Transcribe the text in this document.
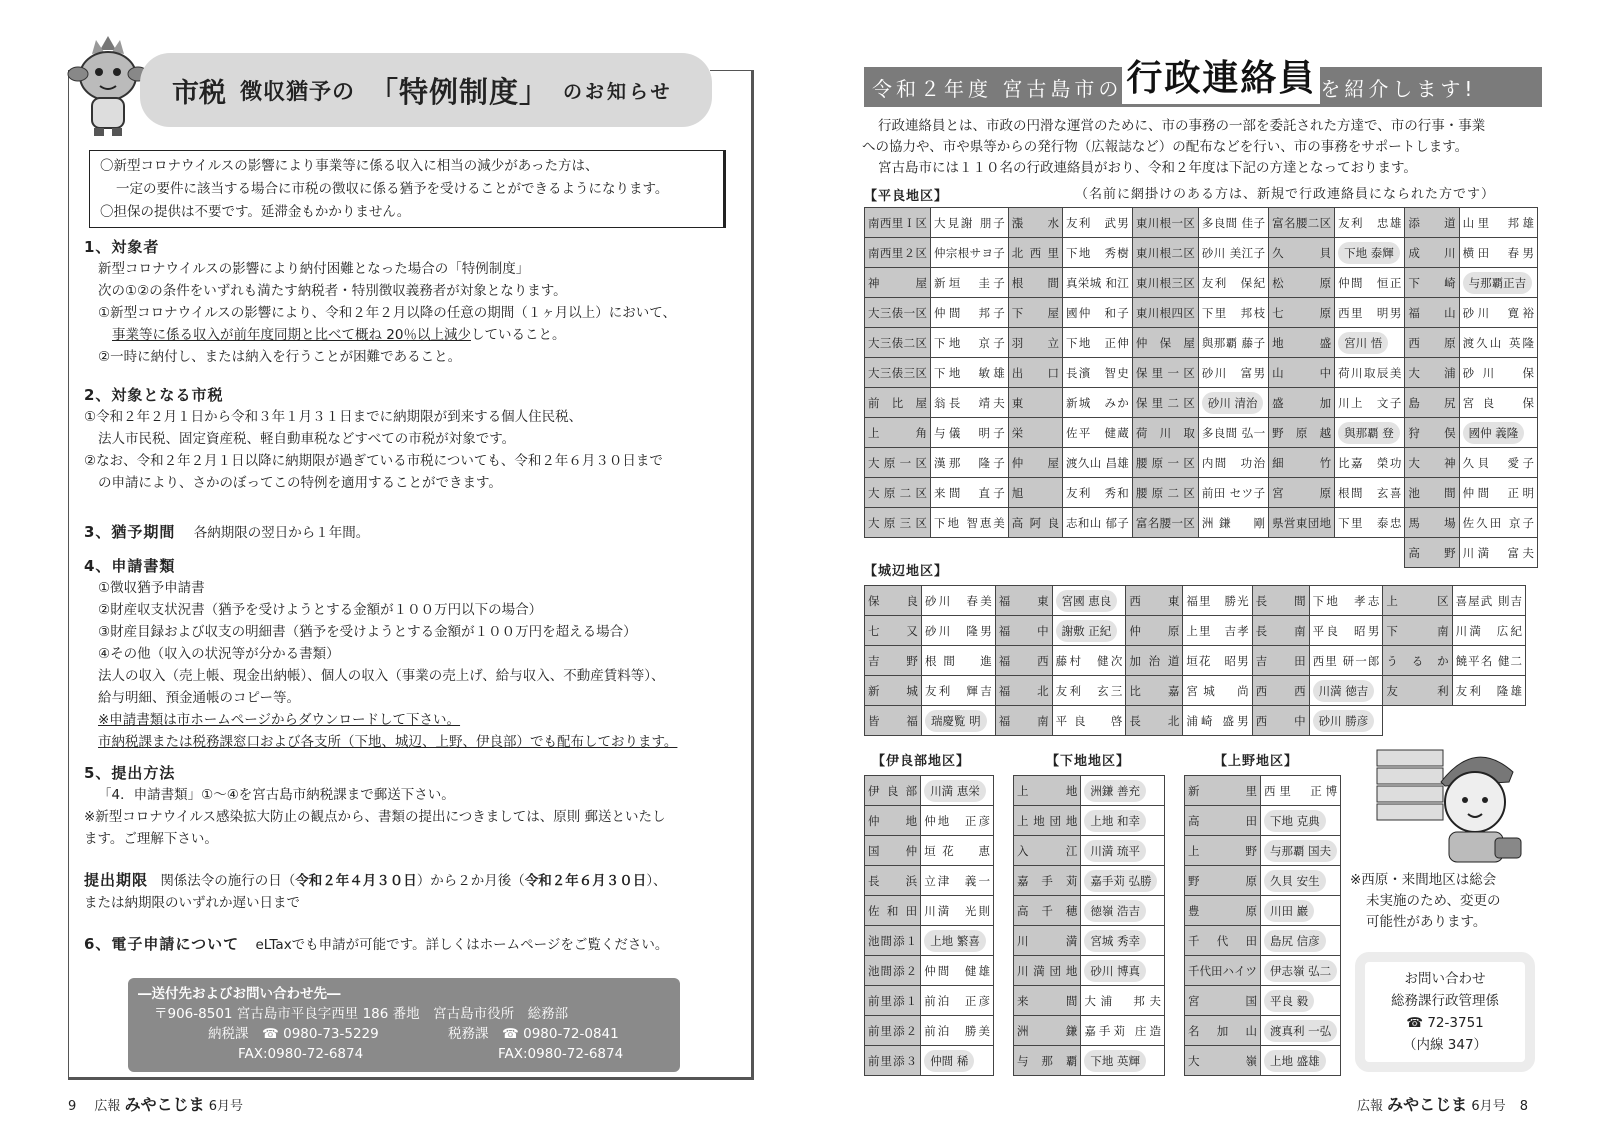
市税 徴収猶予の 「特例制度」 のお知らせ
〇新型コロナウイルスの影響により事業等に係る収入に相当の減少があった方は、
一定の要件に該当する場合に市税の徴収に係る猶予を受けることができるようになります。
〇担保の提供は不要です。延滞金もかかりません。
1、対象者
新型コロナウイルスの影響により納付困難となった場合の「特例制度」
次の①②の条件をいずれも満たす納税者・特別徴収義務者が対象となります。
①新型コロナウイルスの影響により、令和２年２月以降の任意の期間（１ヶ月以上）において、
事業等に係る収入が前年度同期と比べて概ね 20％以上減少していること。
②一時に納付し、または納入を行うことが困難であること。
2、対象となる市税
①令和２年２月１日から令和３年１月３１日までに納期限が到来する個人住民税、
法人市民税、固定資産税、軽自動車税などすべての市税が対象です。
②なお、令和２年２月１日以降に納期限が過ぎている市税についても、令和２年６月３０日まで
の申請により、さかのぼってこの特例を適用することができます。
3、猶予期間 各納期限の翌日から１年間。
4、申請書類
①徴収猶予申請書
②財産収支状況書（猶予を受けようとする金額が１００万円以下の場合）
③財産目録および収支の明細書（猶予を受けようとする金額が１００万円を超える場合）
④その他（収入の状況等が分かる書類）
法人の収入（売上帳、現金出納帳）、個人の収入（事業の売上げ、給与収入、不動産賃料等）、
給与明細、預金通帳のコピー等。
※申請書類は市ホームページからダウンロードして下さい。
市納税課または税務課窓口および各支所（下地、城辺、上野、伊良部）でも配布しております。
5、提出方法
「4．申請書類」①～④を宮古島市納税課まで郵送下さい。
※新型コロナウイルス感染拡大防止の観点から、書類の提出につきましては、原則 郵送といたし
ます。ご理解下さい。
提出期限 関係法令の施行の日（令和２年４月３０日）から２か月後（令和２年６月３０日）、
または納期限のいずれか遅い日まで
6、電子申請について eLTaxでも申請が可能です。詳しくはホームページをご覧ください。
―送付先およびお問い合わせ先―
〒906-8501 宮古島市平良字西里 186 番地　宮古島市役所　総務部
納税課　☎ 0980-73-5229	税務課　☎ 0980-72-0841
FAX:0980-72-6874	FAX:0980-72-6874
9 広報 みやこじま 6月号
令和２年度 宮古島市の 行政連絡員 を紹介します!
行政連絡員とは、市政の円滑な運営のために、市の事務の一部を委託された方達で、市の行事・事業
への協力や、市や県等からの発行物（広報誌など）の配布などを行い、市の事務をサポートします。
宮古島市には１１０名の行政連絡員がおり、令和２年度は下記の方達となっております。
【平良地区】	（名前に網掛けのある方は、新規で行政連絡員になられた方です）
南西里Ｉ区	大見謝 朋子	漲　　水	友利　武男	東川根一区	多良間 佳子	富名腰二区	友利　忠雄	添　　道	山里　邦雄
南西里２区	仲宗根サヨ子	北西里	下地　秀樹	東川根二区	砂川 美江子	久　　貝	下地 泰輝	成　　川	横田　春男
神　　屋	新垣　圭子	根　　間	真栄城 和江	東川根三区	友利　保紀	松　　原	仲間　恒正	下　　崎	与那覇正吉
大三俵一区	仲間　邦子	下　　屋	國仲　和子	東川根四区	下里　邦枝	七　　原	西里　明男	福　　山	砂川　寛裕
大三俵二区	下地　京子	羽　　立	下地　正伸	仲　保　屋	與那覇 藤子	地　　盛	宮川 悟	西　　原	渡久山 英隆
大三俵三区	下地　敏雄	出　　口	長濱　智史	保里一区	砂川　富男	山　　中	荷川取辰美	大　　浦	砂川　保
前　比　屋	翁長　靖夫	東	新城　みか	保里二区	砂川 清治	盛　　加	川上　文子	島　　尻	宮良　保
上　　角	与儀　明子	栄	佐平　健蔵	荷　川　取	多良間 弘一	野　原　越	與那覇 登	狩　　俣	國仲 義隆
大原一区	漢那　隆子	仲　　屋	渡久山 昌雄	腰原一区	内間　功治	細　　竹	比嘉　榮功	大　　神	久貝　愛子
大原二区	来間　直子	旭	友利　秀和	腰原二区	前田 セツ子	宮　　原	根間　玄喜	池　　間	仲間　正明
大原三区	下地 智恵美	高阿良	志和山 郁子	富名腰一区	洲鎌　剛	県営東団地	下里　泰忠	馬　　場	佐久田 京子
								高　　野	川満　富夫
【城辺地区】
保　　良	砂川　春美	福　　東	宮國 恵良	西　　東	福里　勝光	長　　間	下地　孝志	上　　区	喜屋武 則吉
七　　又	砂川　隆男	福　　中	謝敷 正紀	仲　　原	上里　吉孝	長　　南	平良　昭男	下　　南	川満　広紀
吉　　野	根間　進	福　　西	藤村　健次	加治道	垣花　昭男	吉　　田	西里 研一郎	う　る　か	饒平名 健二
新　　城	友利　輝吉	福　　北	友利　玄三	比　　嘉	宮城　尚	西　　西	川満 徳吉	友　　利	友利　隆雄
皆　　福	瑞慶覧 明	福　　南	平良　啓	長　　北	浦崎 盛男	西　　中	砂川 勝彦		
【伊良部地区】
伊良部	川満 恵栄
仲　　地	仲地　正彦
国　　仲	垣花　恵
長　　浜	立津　義一
佐和田	川満　光則
池間添１	上地 繁喜
池間添２	仲間　健雄
前里添１	前泊　正彦
前里添２	前泊　勝美
前里添３	仲間 稀
【下地地区】
上　　地	洲鎌 善充
上地団地	上地 和幸
入　　江	川満 琉平
嘉　手　苅	嘉手苅 弘勝
高　千　穂	徳嶺 浩吉
川　　満	宮城 秀幸
川満団地	砂川 博真
来　　間	大浦　邦夫
洲　　鎌	嘉手苅 庄造
与　那　覇	下地 英輝
【上野地区】
新　　里	西里　正博
高　　田	下地 克典
上　　野	与那覇 国夫
野　　原	久貝 安生
豊　　原	川田 巖
千　代　田	島尻 信彦
千代田ハイツ	伊志嶺 弘二
宮　　国	平良 毅
名　加　山	渡真利 一弘
大　　嶺	上地 盛雄
※西原・来間地区は総会
未実施のため、変更の
可能性があります。
お問い合わせ
総務課行政管理係
☎ 72-3751
（内線 347）
広報 みやこじま 6月号 8
